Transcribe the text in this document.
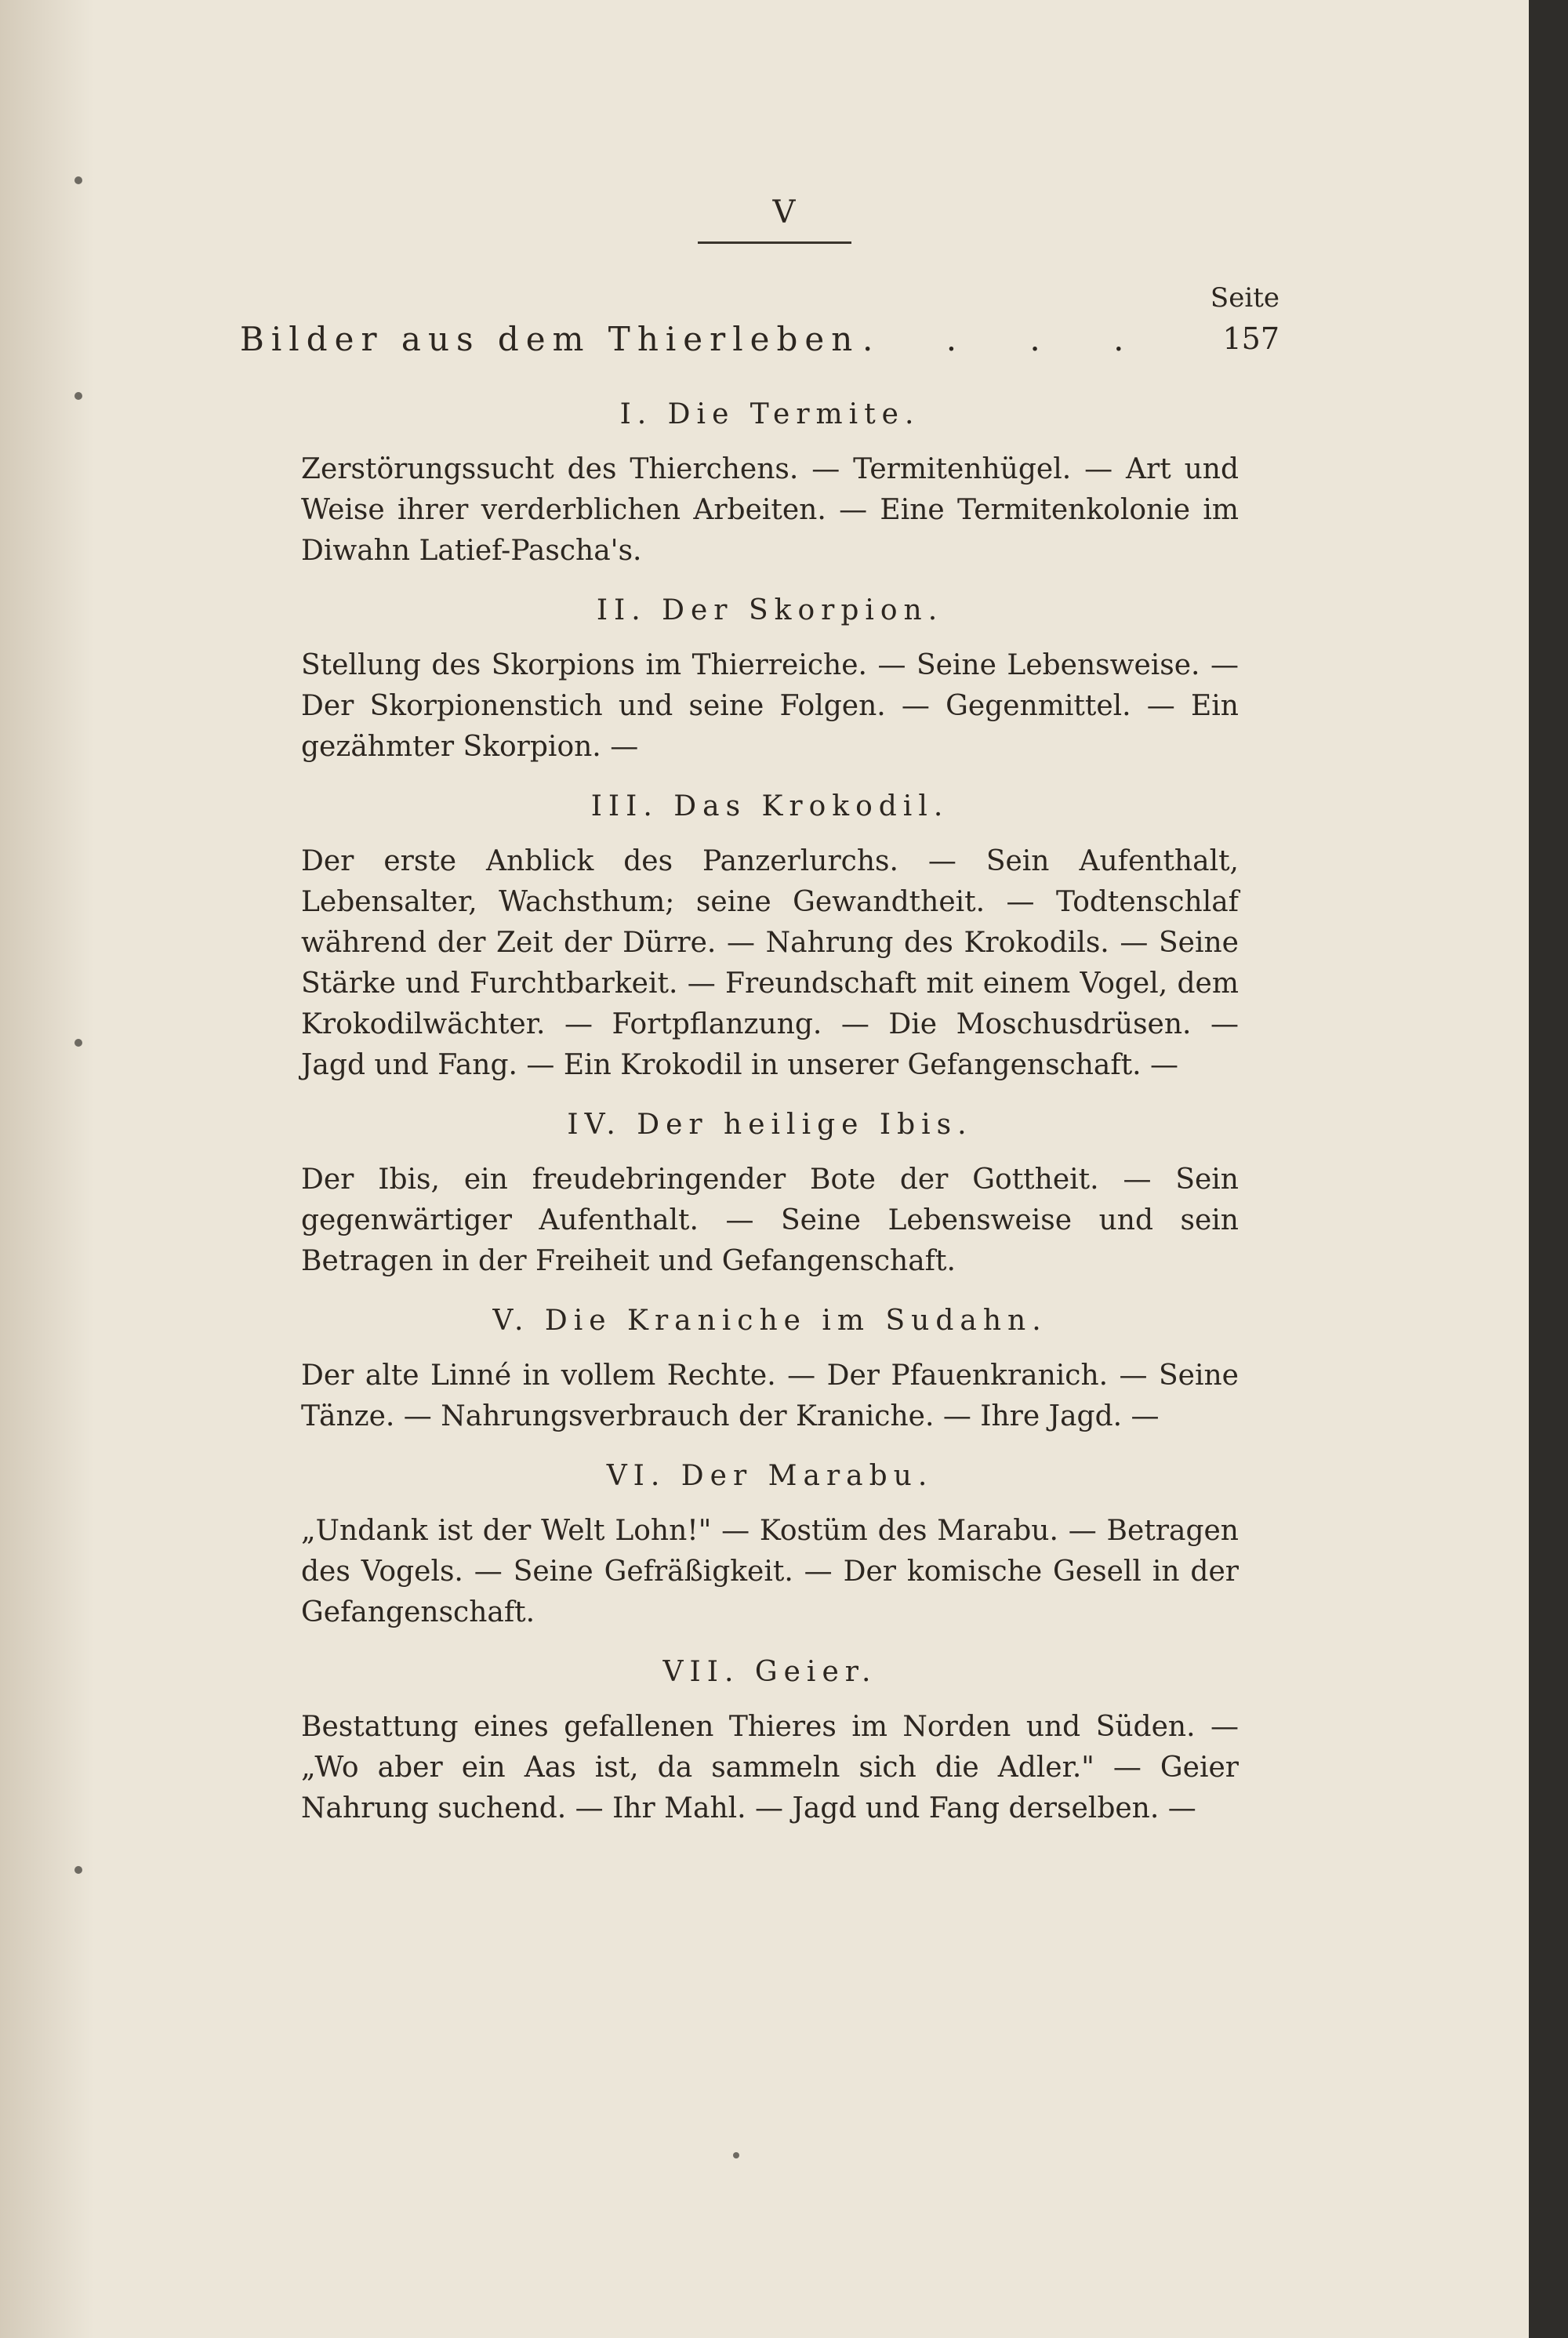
V
Seite
Bilder aus dem Thierleben . . . . 157

I. Die Termite.

Zerstörungssucht des Thierchens. — Termitenhügel. — Art und Weise ihrer verderblichen Arbeiten. — Eine Termitenkolonie im Diwahn Latief-Pascha's.

II. Der Skorpion.

Stellung des Skorpions im Thierreiche. — Seine Lebensweise. — Der Skorpionenstich und seine Folgen. — Gegenmittel. — Ein gezähmter Skorpion. —

III. Das Krokodil.

Der erste Anblick des Panzerlurchs. — Sein Aufenthalt, Lebensalter, Wachsthum; seine Gewandtheit. — Todtenschlaf während der Zeit der Dürre. — Nahrung des Krokodils. — Seine Stärke und Furchtbarkeit. — Freundschaft mit einem Vogel, dem Krokodilwächter. — Fortpflanzung. — Die Moschusdrüsen. — Jagd und Fang. — Ein Krokodil in unserer Gefangenschaft. —

IV. Der heilige Ibis.

Der Ibis, ein freudebringender Bote der Gottheit. — Sein gegenwärtiger Aufenthalt. — Seine Lebensweise und sein Betragen in der Freiheit und Gefangenschaft.

V. Die Kraniche im Sudahn.

Der alte Linné in vollem Rechte. — Der Pfauenkranich. — Seine Tänze. — Nahrungsverbrauch der Kraniche. — Ihre Jagd. —

VI. Der Marabu.

„Undank ist der Welt Lohn!" — Kostüm des Marabu. — Betragen des Vogels. — Seine Gefräßigkeit. — Der komische Gesell in der Gefangenschaft.

VII. Geier.

Bestattung eines gefallenen Thieres im Norden und Süden. — „Wo aber ein Aas ist, da sammeln sich die Adler." — Geier Nahrung suchend. — Ihr Mahl. — Jagd und Fang derselben. —
